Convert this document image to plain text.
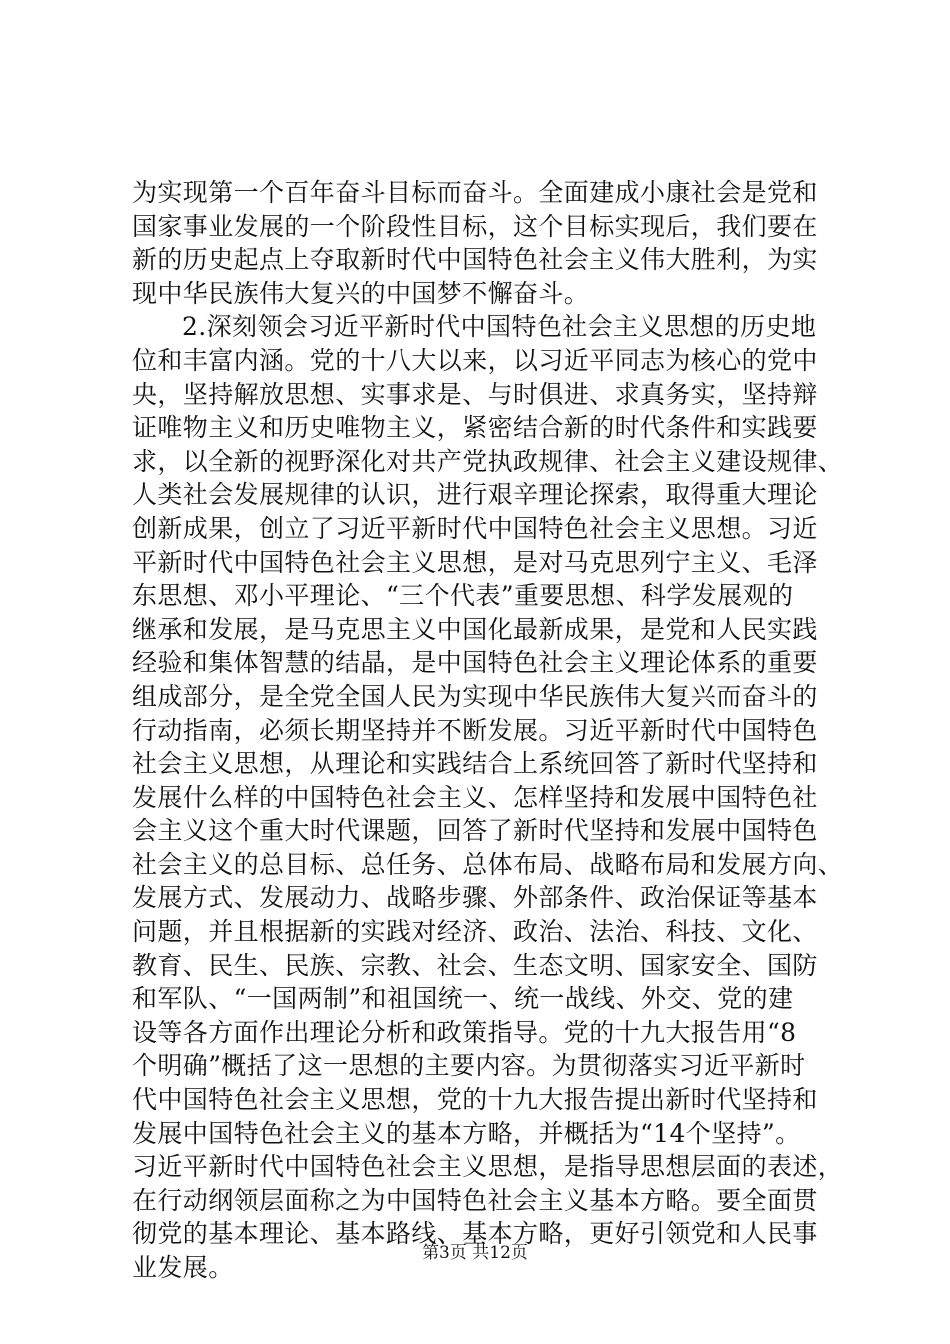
为实现第一个百年奋斗目标而奋斗。全面建成小康社会是党和
国家事业发展的一个阶段性目标，这个目标实现后，我们要在
新的历史起点上夺取新时代中国特色社会主义伟大胜利，为实
现中华民族伟大复兴的中国梦不懈奋斗。
2.深刻领会习近平新时代中国特色社会主义思想的历史地
位和丰富内涵。党的十八大以来，以习近平同志为核心的党中
央，坚持解放思想、实事求是、与时俱进、求真务实，坚持辩
证唯物主义和历史唯物主义，紧密结合新的时代条件和实践要
求，以全新的视野深化对共产党执政规律、社会主义建设规律、
人类社会发展规律的认识，进行艰辛理论探索，取得重大理论
创新成果，创立了习近平新时代中国特色社会主义思想。习近
平新时代中国特色社会主义思想，是对马克思列宁主义、毛泽
东思想、邓小平理论、“三个代表”重要思想、科学发展观的
继承和发展，是马克思主义中国化最新成果，是党和人民实践
经验和集体智慧的结晶，是中国特色社会主义理论体系的重要
组成部分，是全党全国人民为实现中华民族伟大复兴而奋斗的
行动指南，必须长期坚持并不断发展。习近平新时代中国特色
社会主义思想，从理论和实践结合上系统回答了新时代坚持和
发展什么样的中国特色社会主义、怎样坚持和发展中国特色社
会主义这个重大时代课题，回答了新时代坚持和发展中国特色
社会主义的总目标、总任务、总体布局、战略布局和发展方向、
发展方式、发展动力、战略步骤、外部条件、政治保证等基本
问题，并且根据新的实践对经济、政治、法治、科技、文化、
教育、民生、民族、宗教、社会、生态文明、国家安全、国防
和军队、“一国两制”和祖国统一、统一战线、外交、党的建
设等各方面作出理论分析和政策指导。党的十九大报告用“8
个明确”概括了这一思想的主要内容。为贯彻落实习近平新时
代中国特色社会主义思想，党的十九大报告提出新时代坚持和
发展中国特色社会主义的基本方略，并概括为“14个坚持”。
习近平新时代中国特色社会主义思想，是指导思想层面的表述，
在行动纲领层面称之为中国特色社会主义基本方略。要全面贯
彻党的基本理论、基本路线、基本方略，更好引领党和人民事
业发展。	第3页 共12页
